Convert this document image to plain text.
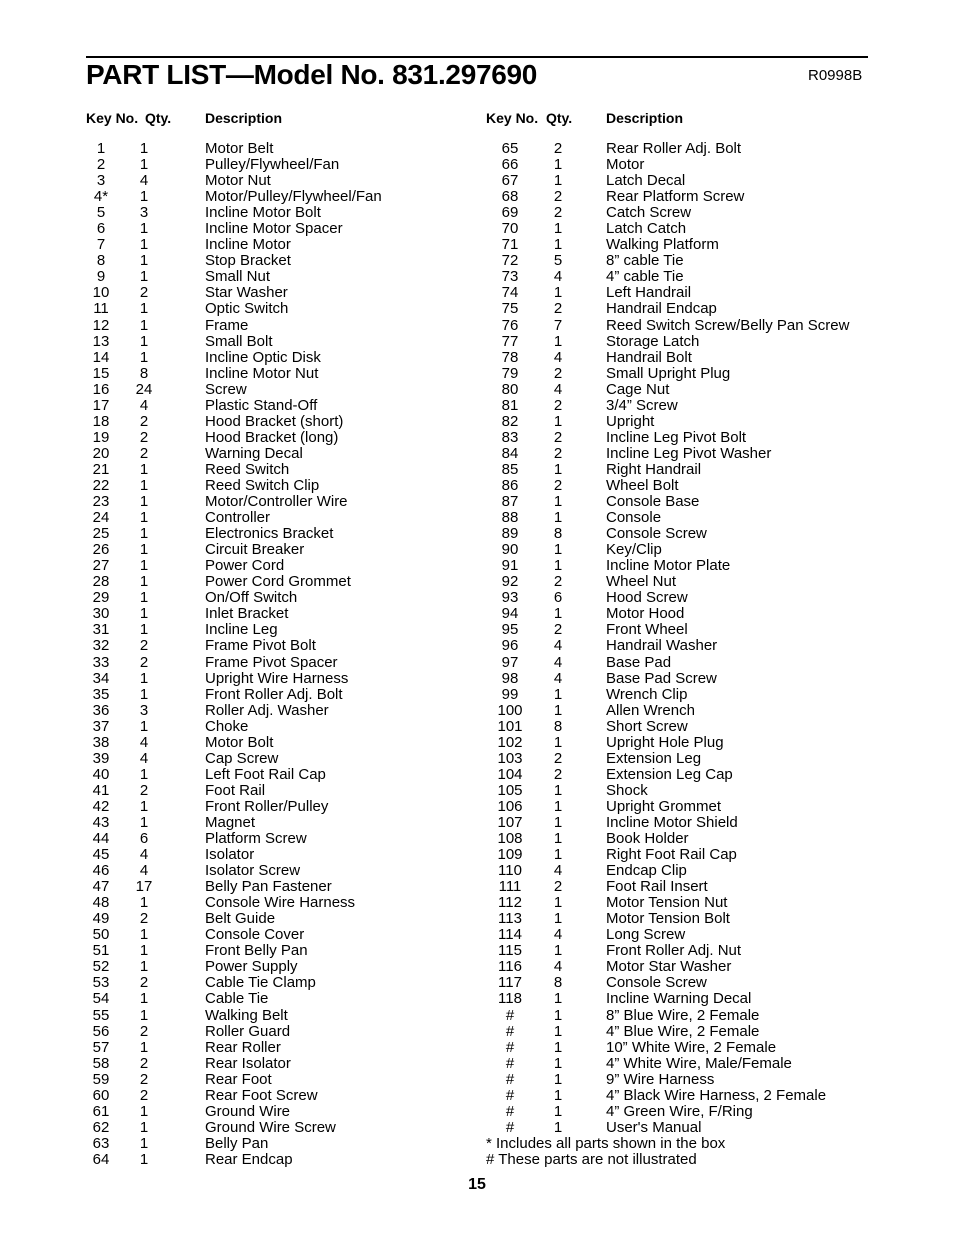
PART LIST—Model No. 831.297690	R0998B
Key No. Qty. Description	Key No. Qty. Description
1	1	Motor Belt
2	1	Pulley/Flywheel/Fan
3	4	Motor Nut
4*	1	Motor/Pulley/Flywheel/Fan
5	3	Incline Motor Bolt
6	1	Incline Motor Spacer
7	1	Incline Motor
8	1	Stop Bracket
9	1	Small Nut
10	2	Star Washer
11	1	Optic Switch
12	1	Frame
13	1	Small Bolt
14	1	Incline Optic Disk
15	8	Incline Motor Nut
16	24	Screw
17	4	Plastic Stand-Off
18	2	Hood Bracket (short)
19	2	Hood Bracket (long)
20	2	Warning Decal
21	1	Reed Switch
22	1	Reed Switch Clip
23	1	Motor/Controller Wire
24	1	Controller
25	1	Electronics Bracket
26	1	Circuit Breaker
27	1	Power Cord
28	1	Power Cord Grommet
29	1	On/Off Switch
30	1	Inlet Bracket
31	1	Incline Leg
32	2	Frame Pivot Bolt
33	2	Frame Pivot Spacer
34	1	Upright Wire Harness
35	1	Front Roller Adj. Bolt
36	3	Roller Adj. Washer
37	1	Choke
38	4	Motor Bolt
39	4	Cap Screw
40	1	Left Foot Rail Cap
41	2	Foot Rail
42	1	Front Roller/Pulley
43	1	Magnet
44	6	Platform Screw
45	4	Isolator
46	4	Isolator Screw
47	17	Belly Pan Fastener
48	1	Console Wire Harness
49	2	Belt Guide
50	1	Console Cover
51	1	Front Belly Pan
52	1	Power Supply
53	2	Cable Tie Clamp
54	1	Cable Tie
55	1	Walking Belt
56	2	Roller Guard
57	1	Rear Roller
58	2	Rear Isolator
59	2	Rear Foot
60	2	Rear Foot Screw
61	1	Ground Wire
62	1	Ground Wire Screw
63	1	Belly Pan
64	1	Rear Endcap
65	2	Rear Roller Adj. Bolt
66	1	Motor
67	1	Latch Decal
68	2	Rear Platform Screw
69	2	Catch Screw
70	1	Latch Catch
71	1	Walking Platform
72	5	8” cable Tie
73	4	4” cable Tie
74	1	Left Handrail
75	2	Handrail Endcap
76	7	Reed Switch Screw/Belly Pan Screw
77	1	Storage Latch
78	4	Handrail Bolt
79	2	Small Upright Plug
80	4	Cage Nut
81	2	3/4” Screw
82	1	Upright
83	2	Incline Leg Pivot Bolt
84	2	Incline Leg Pivot Washer
85	1	Right Handrail
86	2	Wheel Bolt
87	1	Console Base
88	1	Console
89	8	Console Screw
90	1	Key/Clip
91	1	Incline Motor Plate
92	2	Wheel Nut
93	6	Hood Screw
94	1	Motor Hood
95	2	Front Wheel
96	4	Handrail Washer
97	4	Base Pad
98	4	Base Pad Screw
99	1	Wrench Clip
100	1	Allen Wrench
101	8	Short Screw
102	1	Upright Hole Plug
103	2	Extension Leg
104	2	Extension Leg Cap
105	1	Shock
106	1	Upright Grommet
107	1	Incline Motor Shield
108	1	Book Holder
109	1	Right Foot Rail Cap
110	4	Endcap Clip
111	2	Foot Rail Insert
112	1	Motor Tension Nut
113	1	Motor Tension Bolt
114	4	Long Screw
115	1	Front Roller Adj. Nut
116	4	Motor Star Washer
117	8	Console Screw
118	1	Incline Warning Decal
#	1	8” Blue Wire, 2 Female
#	1	4” Blue Wire, 2 Female
#	1	10” White Wire, 2 Female
#	1	4” White Wire, Male/Female
#	1	9” Wire Harness
#	1	4” Black Wire Harness, 2 Female
#	1	4” Green Wire, F/Ring
#	1	User's Manual
* Includes all parts shown in the box
# These parts are not illustrated
15
